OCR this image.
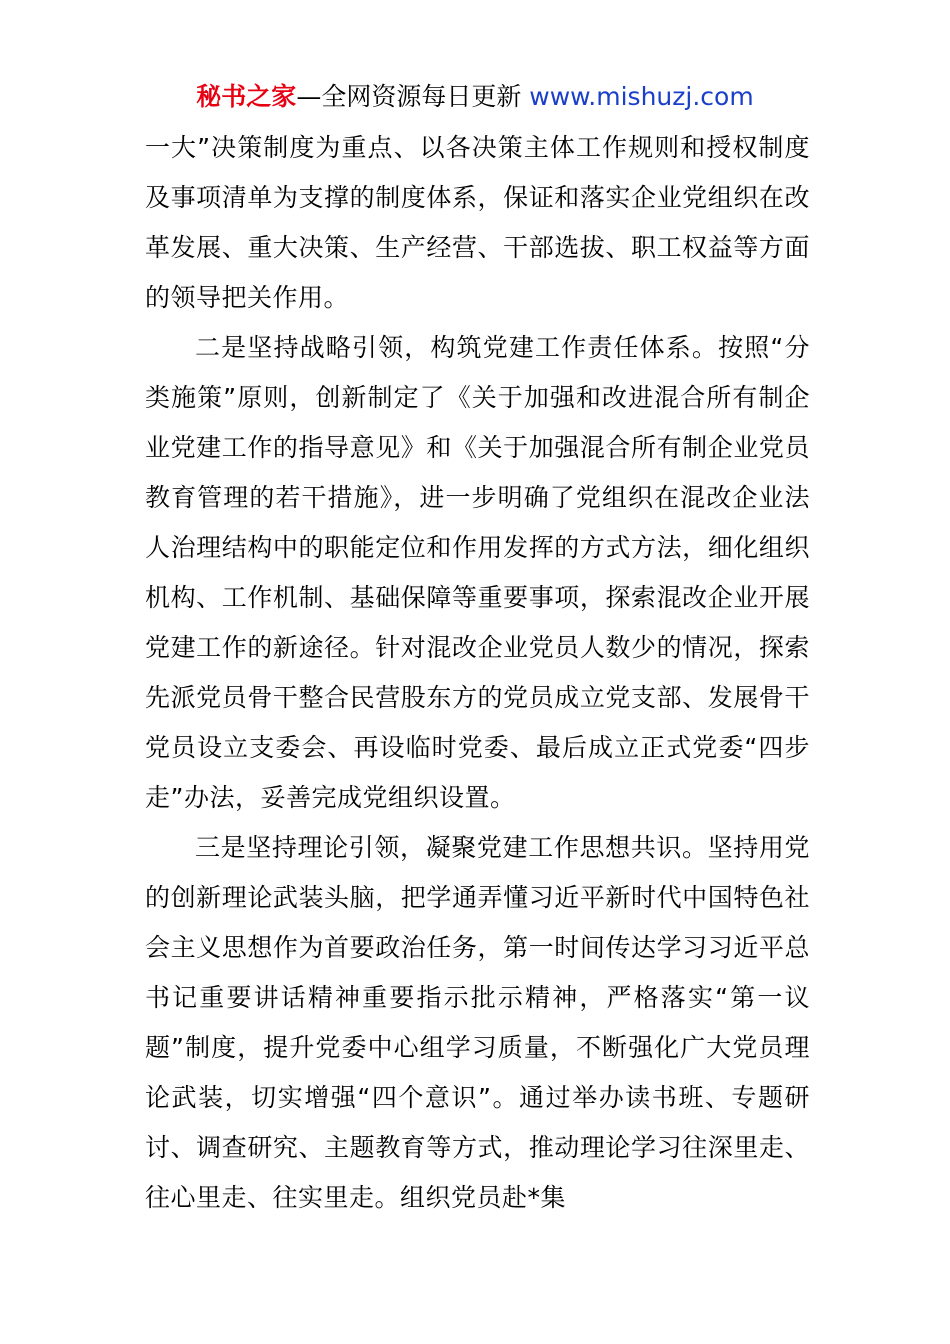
秘书之家—全网资源每日更新 www.mishuzj.com

一大”决策制度为重点、以各决策主体工作规则和授权制度及事项清单为支撑的制度体系，保证和落实企业党组织在改革发展、重大决策、生产经营、干部选拔、职工权益等方面的领导把关作用。

二是坚持战略引领，构筑党建工作责任体系。按照“分类施策”原则，创新制定了《关于加强和改进混合所有制企业党建工作的指导意见》和《关于加强混合所有制企业党员教育管理的若干措施》，进一步明确了党组织在混改企业法人治理结构中的职能定位和作用发挥的方式方法，细化组织机构、工作机制、基础保障等重要事项，探索混改企业开展党建工作的新途径。针对混改企业党员人数少的情况，探索先派党员骨干整合民营股东方的党员成立党支部、发展骨干党员设立支委会、再设临时党委、最后成立正式党委“四步走”办法，妥善完成党组织设置。

三是坚持理论引领，凝聚党建工作思想共识。坚持用党的创新理论武装头脑，把学通弄懂习近平新时代中国特色社会主义思想作为首要政治任务，第一时间传达学习习近平总书记重要讲话精神重要指示批示精神，严格落实“第一议题”制度，提升党委中心组学习质量，不断强化广大党员理论武装，切实增强“四个意识”。通过举办读书班、专题研讨、调查研究、主题教育等方式，推动理论学习往深里走、往心里走、往实里走。组织党员赴*集
